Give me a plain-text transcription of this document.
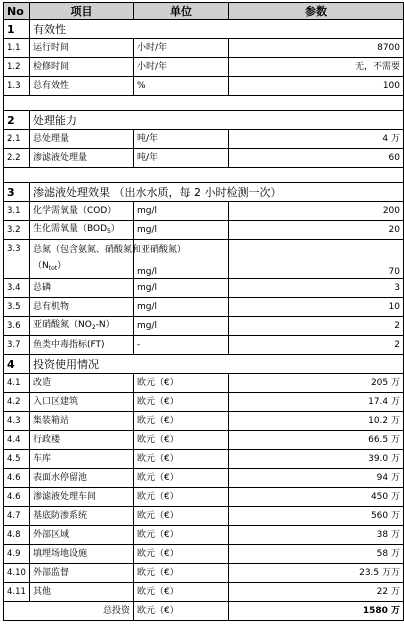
No	项目	单位	参数
1	有效性		
1.1	运行时间	小时/年	8700
1.2	检修时间	小时/年	无，不需要
1.3	总有效性	%	100

2	处理能力		
2.1	总处理量	吨/年	4 万
2.2	渗滤液处理量	吨/年	60

3	渗滤液处理效果 （出水水质，每 2 小时检测一次）		
3.1	化学需氧量（COD）	mg/l	200
3.2	生化需氧量$(BOD_5)$	mg/l	20
3.3	总氮（包含氨氮、硝酸氮和亚硝酸氮）$(N_{tot})$	mg/l	70
3.4	总磷	mg/l	3
3.5	总有机物	mg/l	10
3.6	亚硝酸氮$(NO_2-N)$	mg/l	2
3.7	鱼类中毒指标(FT)	-	2
4	投资使用情况		
4.1	改造	欧元（€）	205 万
4.2	入口区建筑	欧元（€）	17.4 万
4.3	集装箱站	欧元（€）	10.2 万
4.4	行政楼	欧元（€）	66.5 万
4.5	车库	欧元（€）	39.0 万
4.6	表面水停留池	欧元（€）	94 万
4.6	渗滤液处理车间	欧元（€）	450 万
4.7	基底防渗系统	欧元（€）	560 万
4.8	外部区域	欧元（€）	38 万
4.9	填埋场地设施	欧元（€）	58 万
4.10	外部监督	欧元（€）	23.5 万万
4.11	其他	欧元（€）	22 万
	总投资	欧元（€）	1580 万
